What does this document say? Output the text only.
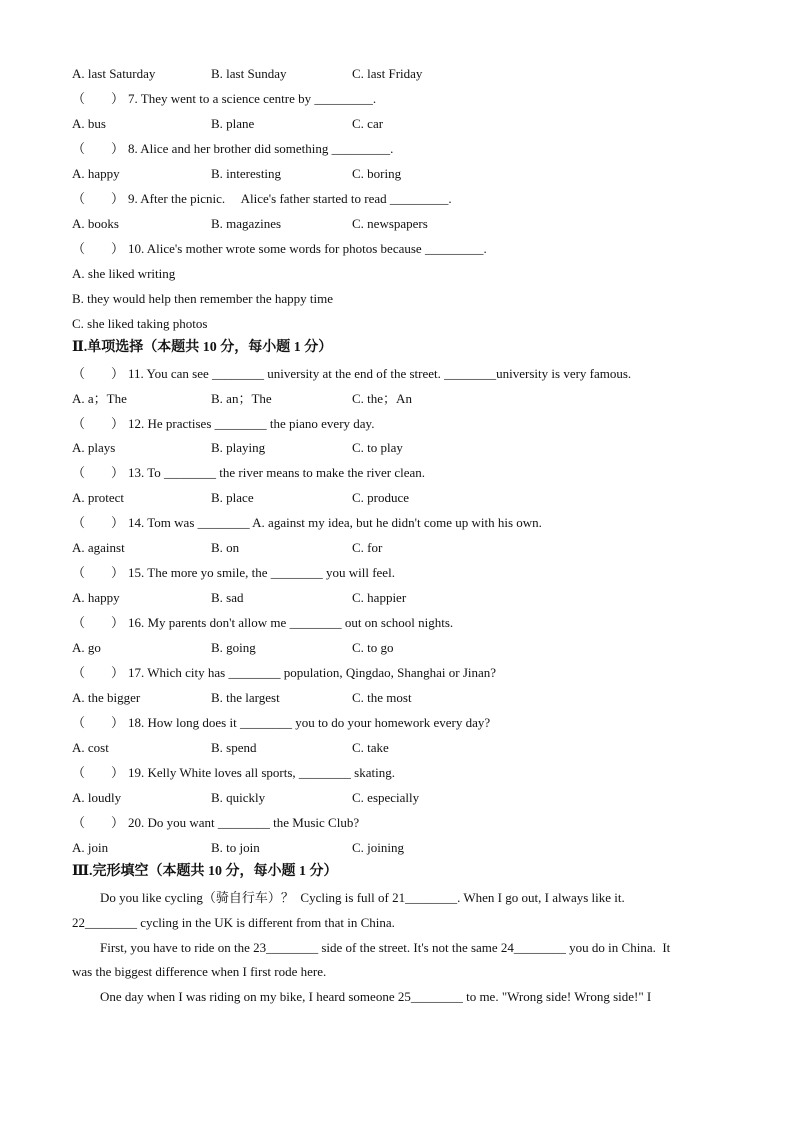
A. last Saturday	B. last Sunday	C. last Friday
（        ） 7. They went to a science centre by _________.
A. bus	B. plane	C. car
（        ） 8. Alice and her brother did something _________.
A. happy	B. interesting	C. boring
（        ） 9. After the picnic.     Alice's father started to read _________.
A. books	B. magazines	C. newspapers
（        ） 10. Alice's mother wrote some words for photos because _________.
A. she liked writing
B. they would help then remember the happy time
C. she liked taking photos
Ⅱ.单项选择（本题共 10 分，每小题 1 分）
（        ） 11. You can see ________ university at the end of the street. ________university is very famous.
A. a；The	B. an；The	C. the；An
（        ） 12. He practises ________ the piano every day.
A. plays	B. playing	C. to play
（        ） 13. To ________ the river means to make the river clean.
A. protect	B. place	C. produce
（        ） 14. Tom was ________ A. against my idea, but he didn't come up with his own.
A. against	B. on	C. for
（        ） 15. The more yo smile, the ________ you will feel.
A. happy	B. sad	C. happier
（        ） 16. My parents don't allow me ________ out on school nights.
A. go	B. going	C. to go
（        ） 17. Which city has ________ population, Qingdao, Shanghai or Jinan?
A. the bigger	B. the largest	C. the most
（        ） 18. How long does it ________ you to do your homework every day?
A. cost	B. spend	C. take
（        ） 19. Kelly White loves all sports, ________ skating.
A. loudly	B. quickly	C. especially
（        ） 20. Do you want ________ the Music Club?
A. join	B. to join	C. joining
Ⅲ.完形填空（本题共 10 分，每小题 1 分）
Do you like cycling（骑自行车）？  Cycling is full of 21________. When I go out, I always like it.
22________ cycling in the UK is different from that in China.
First, you have to ride on the 23________ side of the street. It's not the same 24________ you do in China.  It
was the biggest difference when I first rode here.
One day when I was riding on my bike, I heard someone 25________ to me. "Wrong side! Wrong side!" I
